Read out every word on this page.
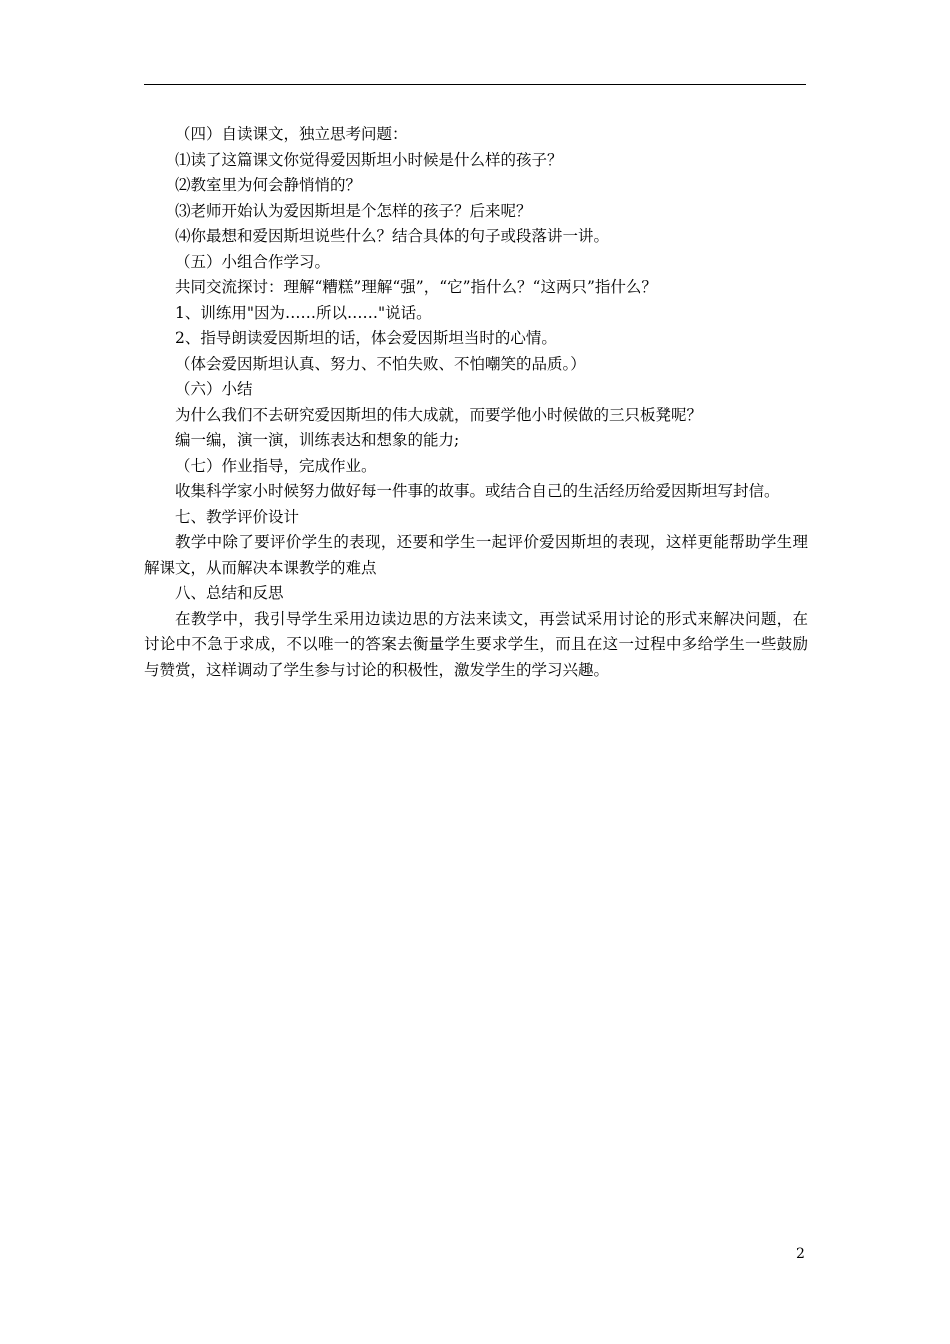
（四）自读课文，独立思考问题：

⑴读了这篇课文你觉得爱因斯坦小时候是什么样的孩子？

⑵教室里为何会静悄悄的？

⑶老师开始认为爱因斯坦是个怎样的孩子？后来呢？

⑷你最想和爱因斯坦说些什么？结合具体的句子或段落讲一讲。

（五）小组合作学习。

共同交流探讨：理解“糟糕”理解“强”，“它”指什么？“这两只”指什么？

1、训练用"因为……所以……"说话。

2、指导朗读爱因斯坦的话，体会爱因斯坦当时的心情。

（体会爱因斯坦认真、努力、不怕失败、不怕嘲笑的品质。）

（六）小结

为什么我们不去研究爱因斯坦的伟大成就，而要学他小时候做的三只板凳呢？

编一编，演一演，训练表达和想象的能力;

（七）作业指导，完成作业。

收集科学家小时候努力做好每一件事的故事。或结合自己的生活经历给爱因斯坦写封信。

七、教学评价设计

教学中除了要评价学生的表现，还要和学生一起评价爱因斯坦的表现，这样更能帮助学生理解课文，从而解决本课教学的难点

八、总结和反思

在教学中，我引导学生采用边读边思的方法来读文，再尝试采用讨论的形式来解决问题，在讨论中不急于求成，不以唯一的答案去衡量学生要求学生，而且在这一过程中多给学生一些鼓励与赞赏，这样调动了学生参与讨论的积极性，激发学生的学习兴趣。

2
